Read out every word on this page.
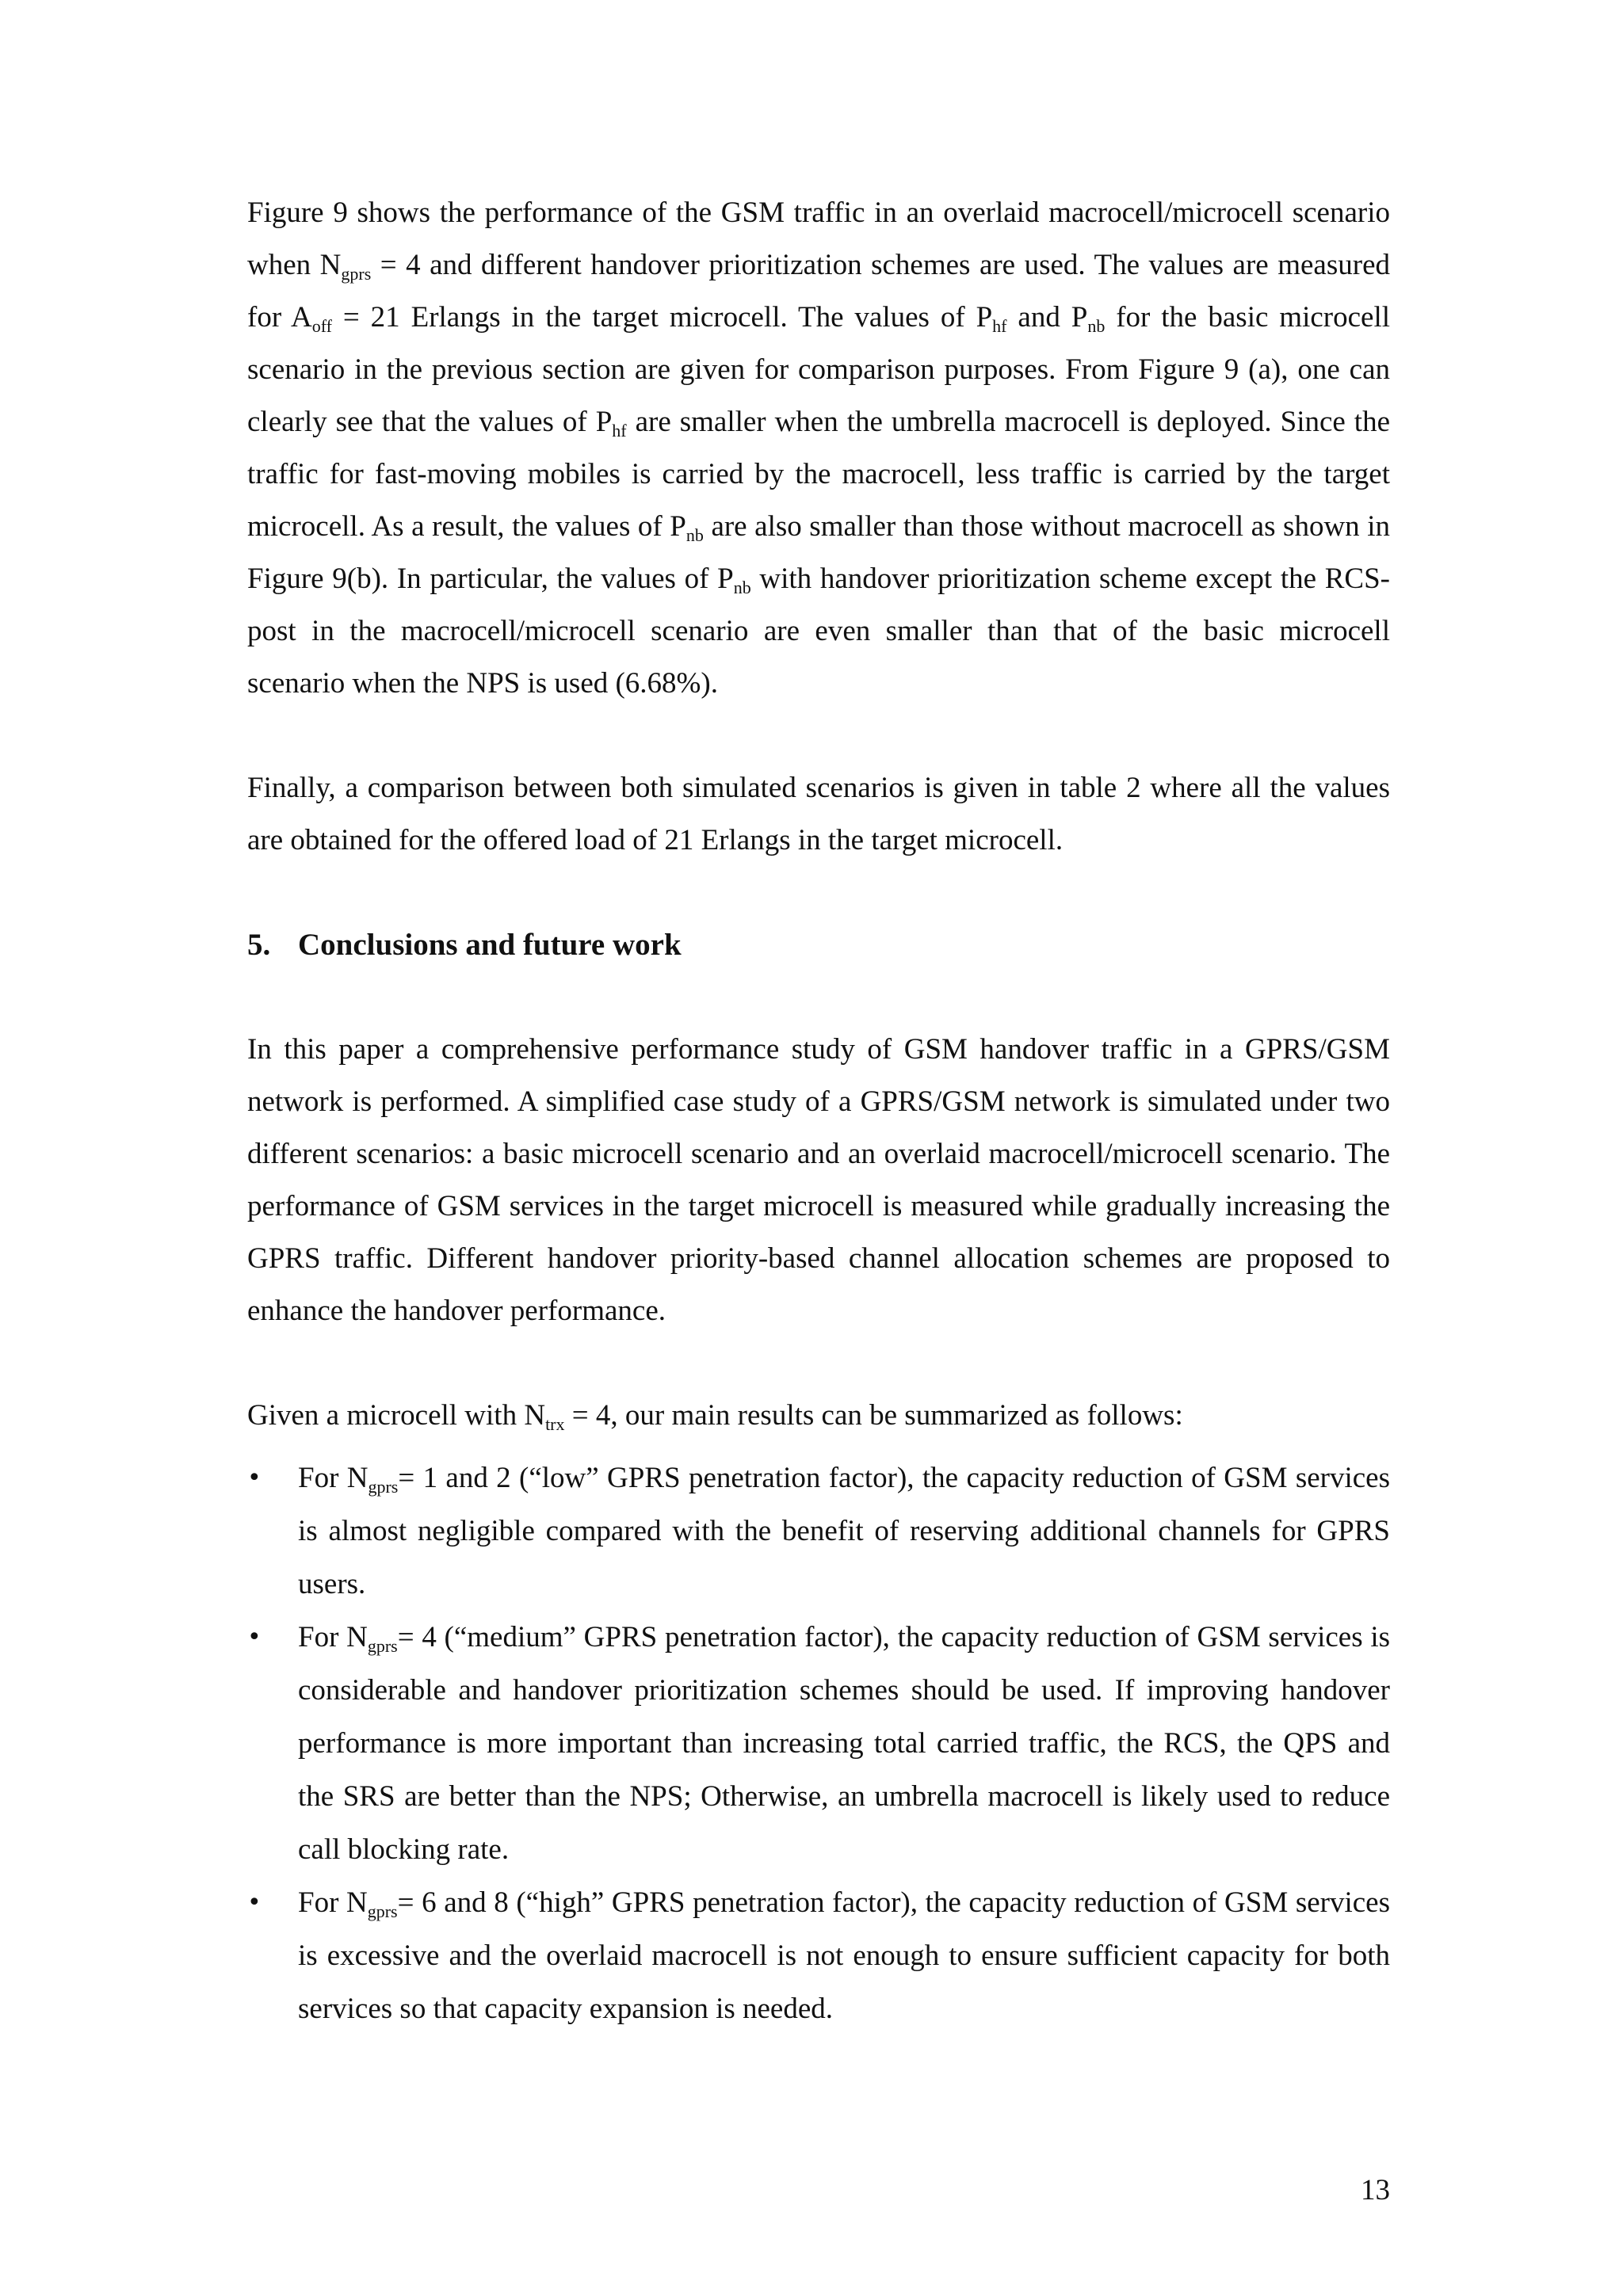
Figure 9 shows the performance of the GSM traffic in an overlaid macrocell/microcell scenario when $N_{gprs} = 4$ and different handover prioritization schemes are used. The values are measured for $A_{off} = 21$ Erlangs in the target microcell. The values of $P_{hf}$ and $P_{nb}$ for the basic microcell scenario in the previous section are given for comparison purposes. From Figure 9 (a), one can clearly see that the values of $P_{hf}$ are smaller when the umbrella macrocell is deployed. Since the traffic for fast-moving mobiles is carried by the macrocell, less traffic is carried by the target microcell. As a result, the values of $P_{nb}$ are also smaller than those without macrocell as shown in Figure 9(b). In particular, the values of $P_{nb}$ with handover prioritization scheme except the RCS-post in the macrocell/microcell scenario are even smaller than that of the basic microcell scenario when the NPS is used (6.68%).

Finally, a comparison between both simulated scenarios is given in table 2 where all the values are obtained for the offered load of 21 Erlangs in the target microcell.

5. Conclusions and future work

In this paper a comprehensive performance study of GSM handover traffic in a GPRS/GSM network is performed. A simplified case study of a GPRS/GSM network is simulated under two different scenarios: a basic microcell scenario and an overlaid macrocell/microcell scenario. The performance of GSM services in the target microcell is measured while gradually increasing the GPRS traffic. Different handover priority-based channel allocation schemes are proposed to enhance the handover performance.

Given a microcell with $N_{trx} = 4$, our main results can be summarized as follows:

• For $N_{gprs}= 1$ and 2 (“low” GPRS penetration factor), the capacity reduction of GSM services is almost negligible compared with the benefit of reserving additional channels for GPRS users.
• For $N_{gprs}= 4$ (“medium” GPRS penetration factor), the capacity reduction of GSM services is considerable and handover prioritization schemes should be used. If improving handover performance is more important than increasing total carried traffic, the RCS, the QPS and the SRS are better than the NPS; Otherwise, an umbrella macrocell is likely used to reduce call blocking rate.
• For $N_{gprs}= 6$ and 8 (“high” GPRS penetration factor), the capacity reduction of GSM services is excessive and the overlaid macrocell is not enough to ensure sufficient capacity for both services so that capacity expansion is needed.
13
